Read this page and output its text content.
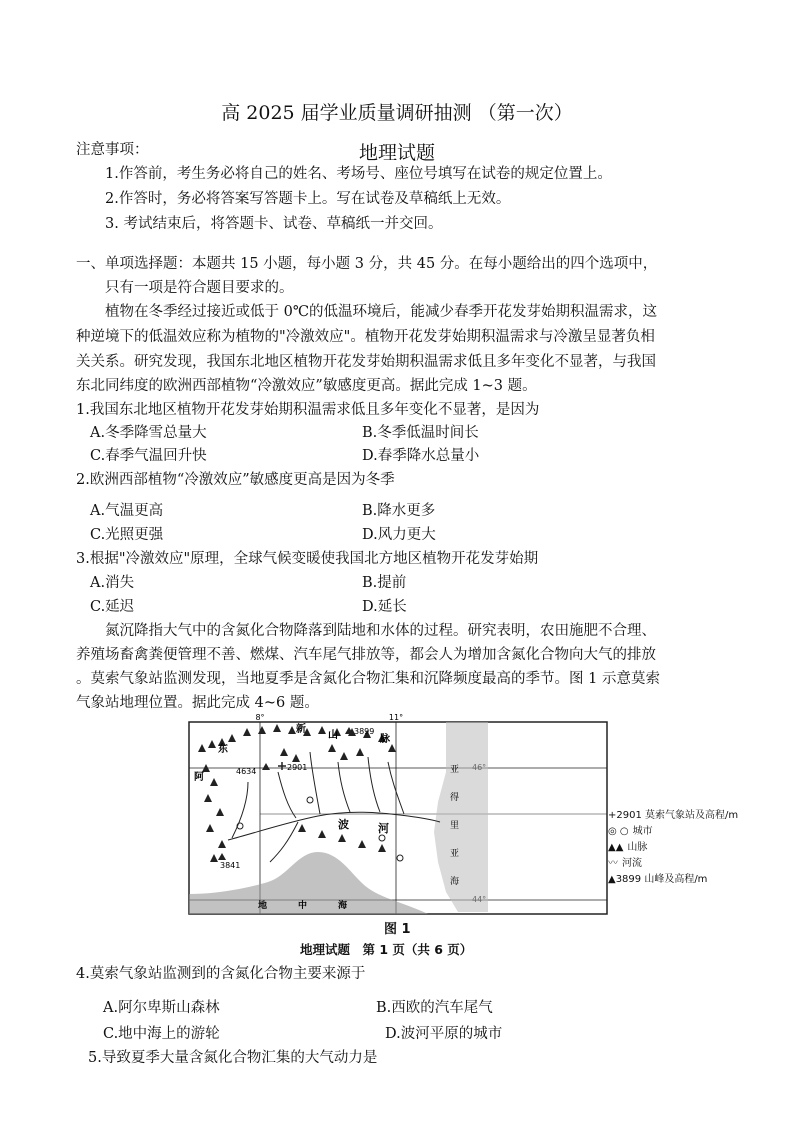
高 2025 届学业质量调研抽测 （第一次）
地理试题
注意事项：
1.作答前，考生务必将自己的姓名、考场号、座位号填写在试卷的规定位置上。
2.作答时，务必将答案写答题卡上。写在试卷及草稿纸上无效。
3. 考试结束后，将答题卡、试卷、草稿纸一并交回。
一、单项选择题：本题共 15 小题，每小题 3 分，共 45 分。在每小题给出的四个选项中，
只有一项是符合题目要求的。
植物在冬季经过接近或低于 0℃的低温环境后，能减少春季开花发芽始期积温需求，这
种逆境下的低温效应称为植物的"冷激效应"。植物开花发芽始期积温需求与冷激呈显著负相
关关系。研究发现，我国东北地区植物开花发芽始期积温需求低且多年变化不显著，与我国
东北同纬度的欧洲西部植物“冷激效应”敏感度更高。据此完成 1~3 题。
1.我国东北地区植物开花发芽始期积温需求低且多年变化不显著，是因为
A.冬季降雪总量大	B.冬季低温时间长
C.春季气温回升快	D.春季降水总量小
2.欧洲西部植物“冷激效应”敏感度更高是因为冬季
A.气温更高	B.降水更多
C.光照更强	D.风力更大
3.根据"冷激效应"原理，全球气候变暖使我国北方地区植物开花发芽始期
A.消失	B.提前
C.延迟	D.延长
氮沉降指大气中的含氮化合物降落到陆地和水体的过程。研究表明，农田施肥不合理、
养殖场畜禽粪便管理不善、燃煤、汽车尾气排放等，都会人为增加含氮化合物向大气的排放
。莫索气象站监测发现，当地夏季是含氮化合物汇集和沉降频度最高的季节。图 1 示意莫索
气象站地理位置。据此完成 4~6 题。
8°	11°
亚
得
里
亚
海
地	中	海
2901
3899
4634
3841
东
阿
新
山	脉
波	河
+2901 莫索气象站及高程/m
◎ ○ 城市
▲▲ 山脉
〰 河流
▲3899 山峰及高程/m
图 1
地理试题　第 1 页（共 6 页）
4.莫索气象站监测到的含氮化合物主要来源于
A.阿尔卑斯山森林	B.西欧的汽车尾气
C.地中海上的游轮	D.波河平原的城市
5.导致夏季大量含氮化合物汇集的大气动力是
